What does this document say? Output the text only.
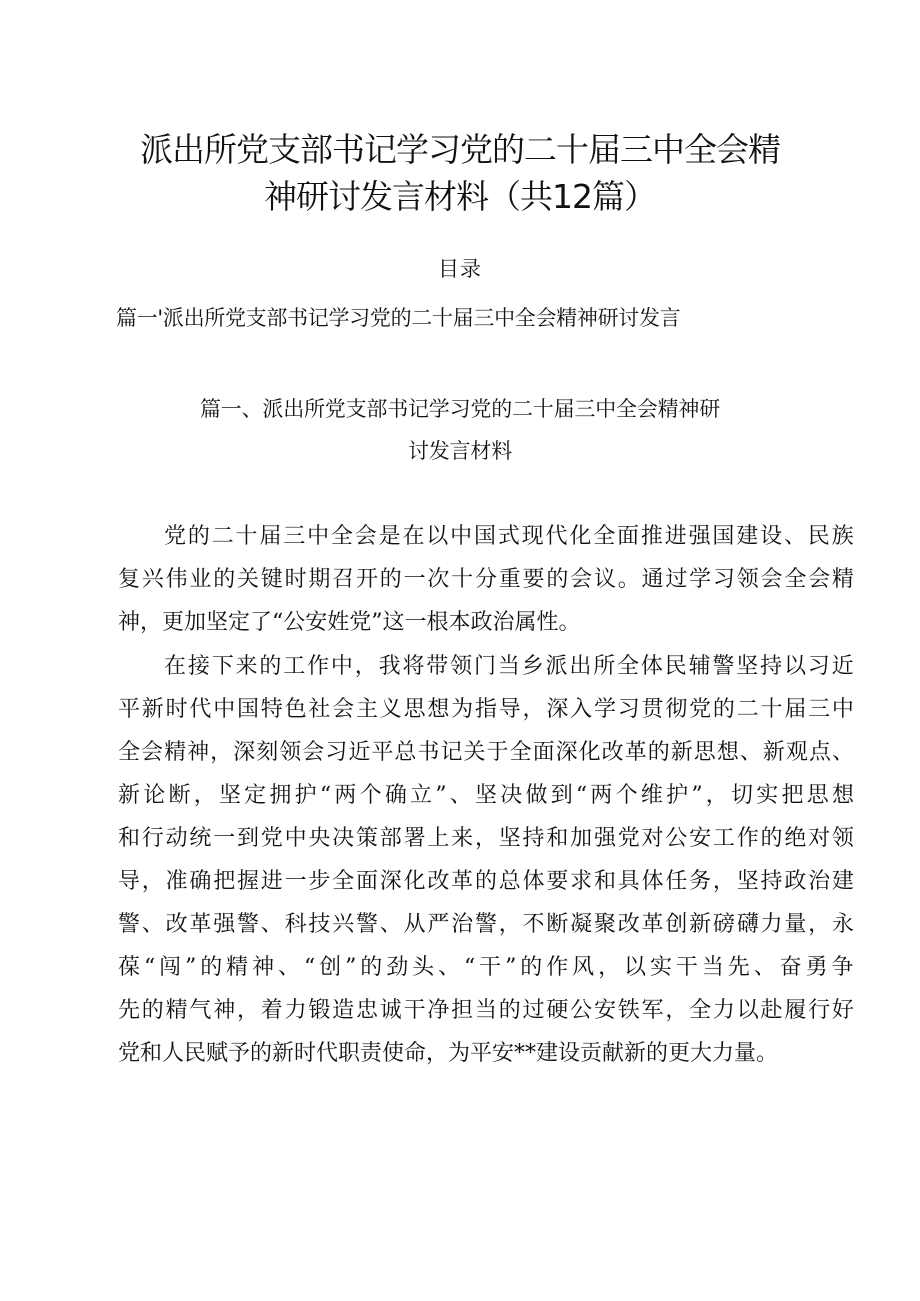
派出所党支部书记学习党的二十届三中全会精
神研讨发言材料（共12篇）
目录
篇一'派出所党支部书记学习党的二十届三中全会精神研讨发言
篇一、派出所党支部书记学习党的二十届三中全会精神研
讨发言材料
党 的 二 十 届 三 中 全 会 是 在 以 中 国 式 现 代 化 全 面 推 进 强 国 建 设 、 民 族
复 兴 伟 业 的 关 键 时 期 召 开 的 一 次 十 分 重 要 的 会 议 。 通 过 学 习 领 会 全 会 精
神，更加坚定了“公安姓党”这一根本政治属性。
在 接 下 来 的 工 作 中 ， 我 将 带 领 门 当 乡 派 出 所 全 体 民 辅 警 坚 持 以 习 近
平 新 时 代 中 国 特 色 社 会 主 义 思 想 为 指 导 ， 深 入 学 习 贯 彻 党 的 二 十 届 三 中
全 会 精 神 ， 深 刻 领 会 习 近 平 总 书 记 关 于 全 面 深 化 改 革 的 新 思 想 、 新 观 点 、
新 论 断 ， 坚 定 拥 护 “ 两 个 确 立 ” 、 坚 决 做 到 “ 两 个 维 护 ” ， 切 实 把 思 想
和 行 动 统 一 到 党 中 央 决 策 部 署 上 来 ， 坚 持 和 加 强 党 对 公 安 工 作 的 绝 对 领
导 ， 准 确 把 握 进 一 步 全 面 深 化 改 革 的 总 体 要 求 和 具 体 任 务 ， 坚 持 政 治 建
警 、 改 革 强 警 、 科 技 兴 警 、 从 严 治 警 ， 不 断 凝 聚 改 革 创 新 磅 礴 力 量 ， 永
葆 “ 闯 ” 的 精 神 、 “ 创 ” 的 劲 头 、 “ 干 ” 的 作 风 ， 以 实 干 当 先 、 奋 勇 争
先 的 精 气 神 ， 着 力 锻 造 忠 诚 干 净 担 当 的 过 硬 公 安 铁 军 ， 全 力 以 赴 履 行 好
党和人民赋予的新时代职责使命，为平安**建设贡献新的更大力量。
